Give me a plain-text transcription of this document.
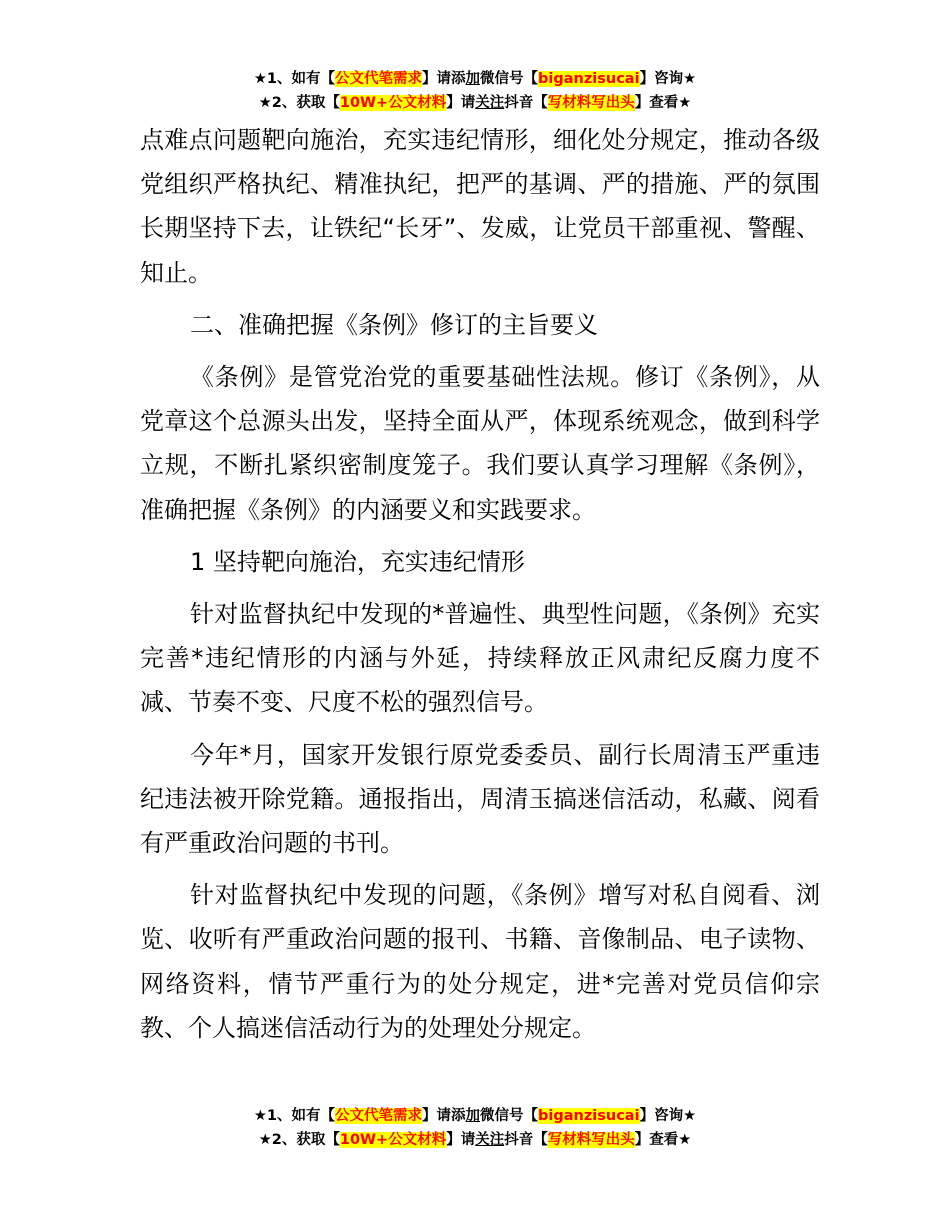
★1、如有【公文代笔需求】请添加微信号【biganzisucai】咨询★
★2、获取【10W+公文材料】请关注抖音【写材料写出头】查看★

点难点问题靶向施治，充实违纪情形，细化处分规定，推动各级党组织严格执纪、精准执纪，把严的基调、严的措施、严的氛围长期坚持下去，让铁纪“长牙”、发威，让党员干部重视、警醒、知止。

二、准确把握《条例》修订的主旨要义

《条例》是管党治党的重要基础性法规。修订《条例》，从党章这个总源头出发，坚持全面从严，体现系统观念，做到科学立规，不断扎紧织密制度笼子。我们要认真学习理解《条例》，准确把握《条例》的内涵要义和实践要求。

1 坚持靶向施治，充实违纪情形

针对监督执纪中发现的*普遍性、典型性问题，《条例》充实完善*违纪情形的内涵与外延，持续释放正风肃纪反腐力度不减、节奏不变、尺度不松的强烈信号。

今年*月，国家开发银行原党委委员、副行长周清玉严重违纪违法被开除党籍。通报指出，周清玉搞迷信活动，私藏、阅看有严重政治问题的书刊。

针对监督执纪中发现的问题，《条例》增写对私自阅看、浏览、收听有严重政治问题的报刊、书籍、音像制品、电子读物、网络资料，情节严重行为的处分规定，进*完善对党员信仰宗教、个人搞迷信活动行为的处理处分规定。

★1、如有【公文代笔需求】请添加微信号【biganzisucai】咨询★
★2、获取【10W+公文材料】请关注抖音【写材料写出头】查看★
